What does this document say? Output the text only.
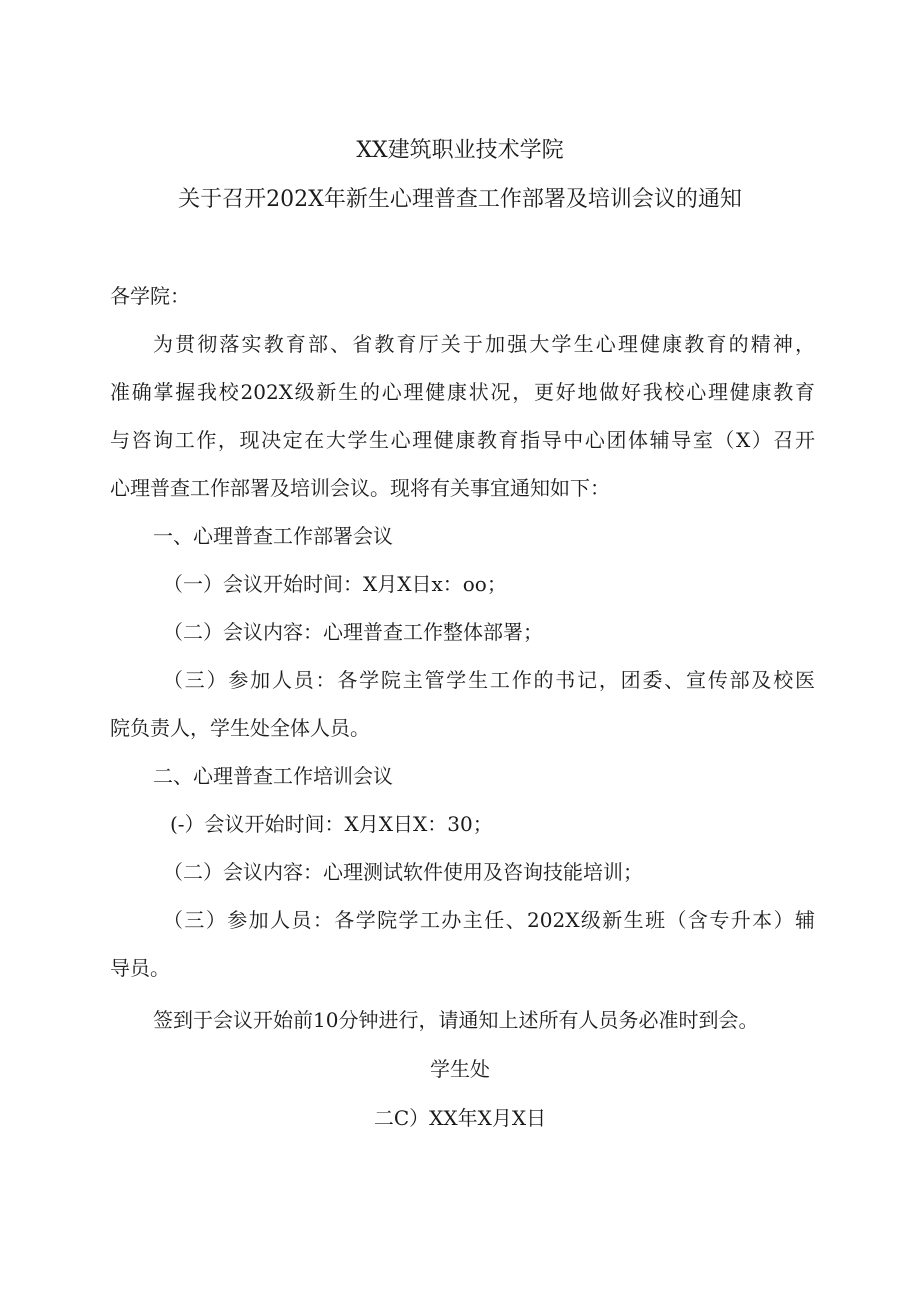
XX建筑职业技术学院
关于召开202X年新生心理普查工作部署及培训会议的通知
各学院：
为贯彻落实教育部、省教育厅关于加强大学生心理健康教育的精神，
准确掌握我校202X级新生的心理健康状况，更好地做好我校心理健康教育
与咨询工作，现决定在大学生心理健康教育指导中心团体辅导室（X）召开
心理普查工作部署及培训会议。现将有关事宜通知如下：
一、心理普查工作部署会议
（一）会议开始时间：X月X日x：oo；
（二）会议内容：心理普查工作整体部署；
（三）参加人员：各学院主管学生工作的书记，团委、宣传部及校医
院负责人，学生处全体人员。
二、心理普查工作培训会议
(-）会议开始时间：X月X日X：30；
（二）会议内容：心理测试软件使用及咨询技能培训；
（三）参加人员：各学院学工办主任、202X级新生班（含专升本）辅
导员。
签到于会议开始前10分钟进行，请通知上述所有人员务必准时到会。
学生处
二C）XX年X月X日
